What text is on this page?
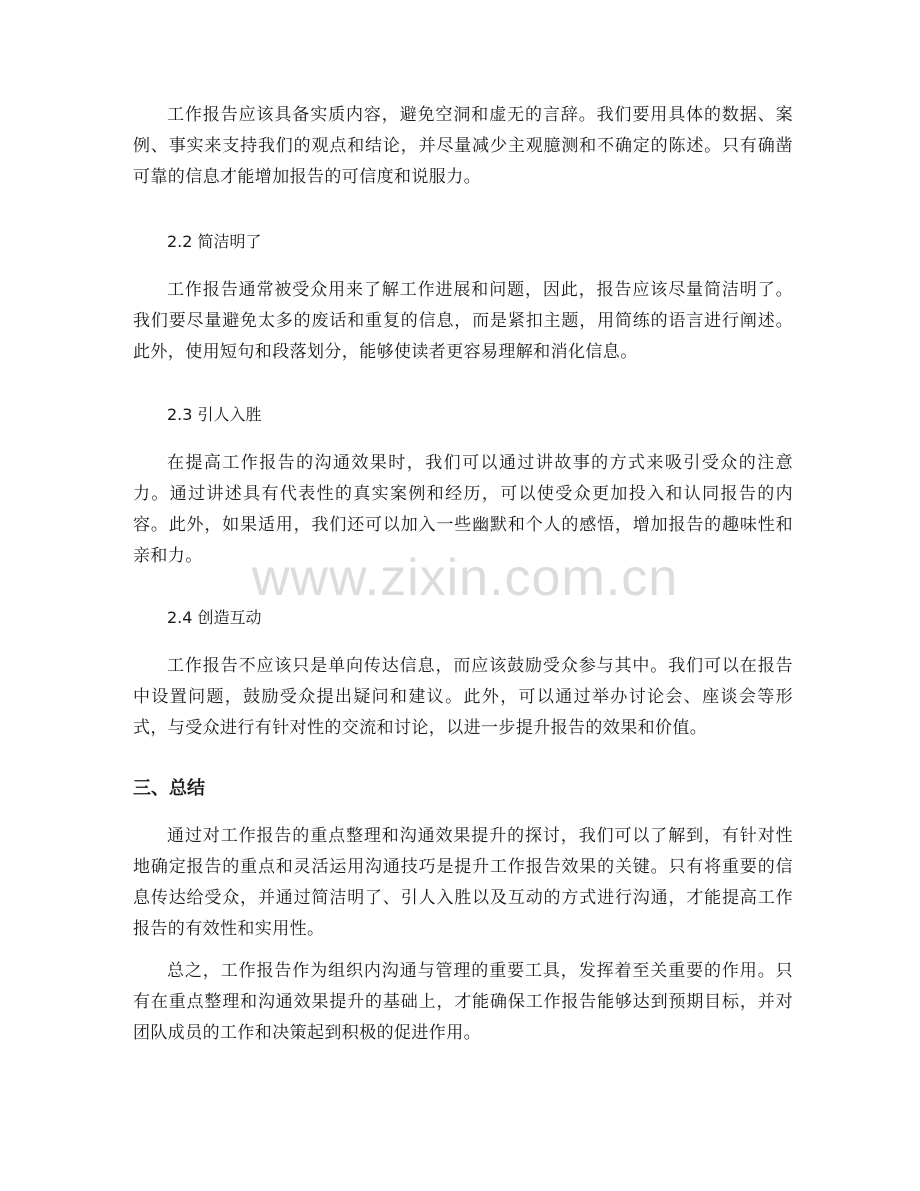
工作报告应该具备实质内容，避免空洞和虚无的言辞。我们要用具体的数据、案例、事实来支持我们的观点和结论，并尽量减少主观臆测和不确定的陈述。只有确凿可靠的信息才能增加报告的可信度和说服力。

2.2 简洁明了

工作报告通常被受众用来了解工作进展和问题，因此，报告应该尽量简洁明了。我们要尽量避免太多的废话和重复的信息，而是紧扣主题，用简练的语言进行阐述。此外，使用短句和段落划分，能够使读者更容易理解和消化信息。

2.3 引人入胜

在提高工作报告的沟通效果时，我们可以通过讲故事的方式来吸引受众的注意力。通过讲述具有代表性的真实案例和经历，可以使受众更加投入和认同报告的内容。此外，如果适用，我们还可以加入一些幽默和个人的感悟，增加报告的趣味性和亲和力。

2.4 创造互动

工作报告不应该只是单向传达信息，而应该鼓励受众参与其中。我们可以在报告中设置问题，鼓励受众提出疑问和建议。此外，可以通过举办讨论会、座谈会等形式，与受众进行有针对性的交流和讨论，以进一步提升报告的效果和价值。

三、总结

通过对工作报告的重点整理和沟通效果提升的探讨，我们可以了解到，有针对性地确定报告的重点和灵活运用沟通技巧是提升工作报告效果的关键。只有将重要的信息传达给受众，并通过简洁明了、引人入胜以及互动的方式进行沟通，才能提高工作报告的有效性和实用性。

总之，工作报告作为组织内沟通与管理的重要工具，发挥着至关重要的作用。只有在重点整理和沟通效果提升的基础上，才能确保工作报告能够达到预期目标，并对团队成员的工作和决策起到积极的促进作用。

www.zixin.com.cn
